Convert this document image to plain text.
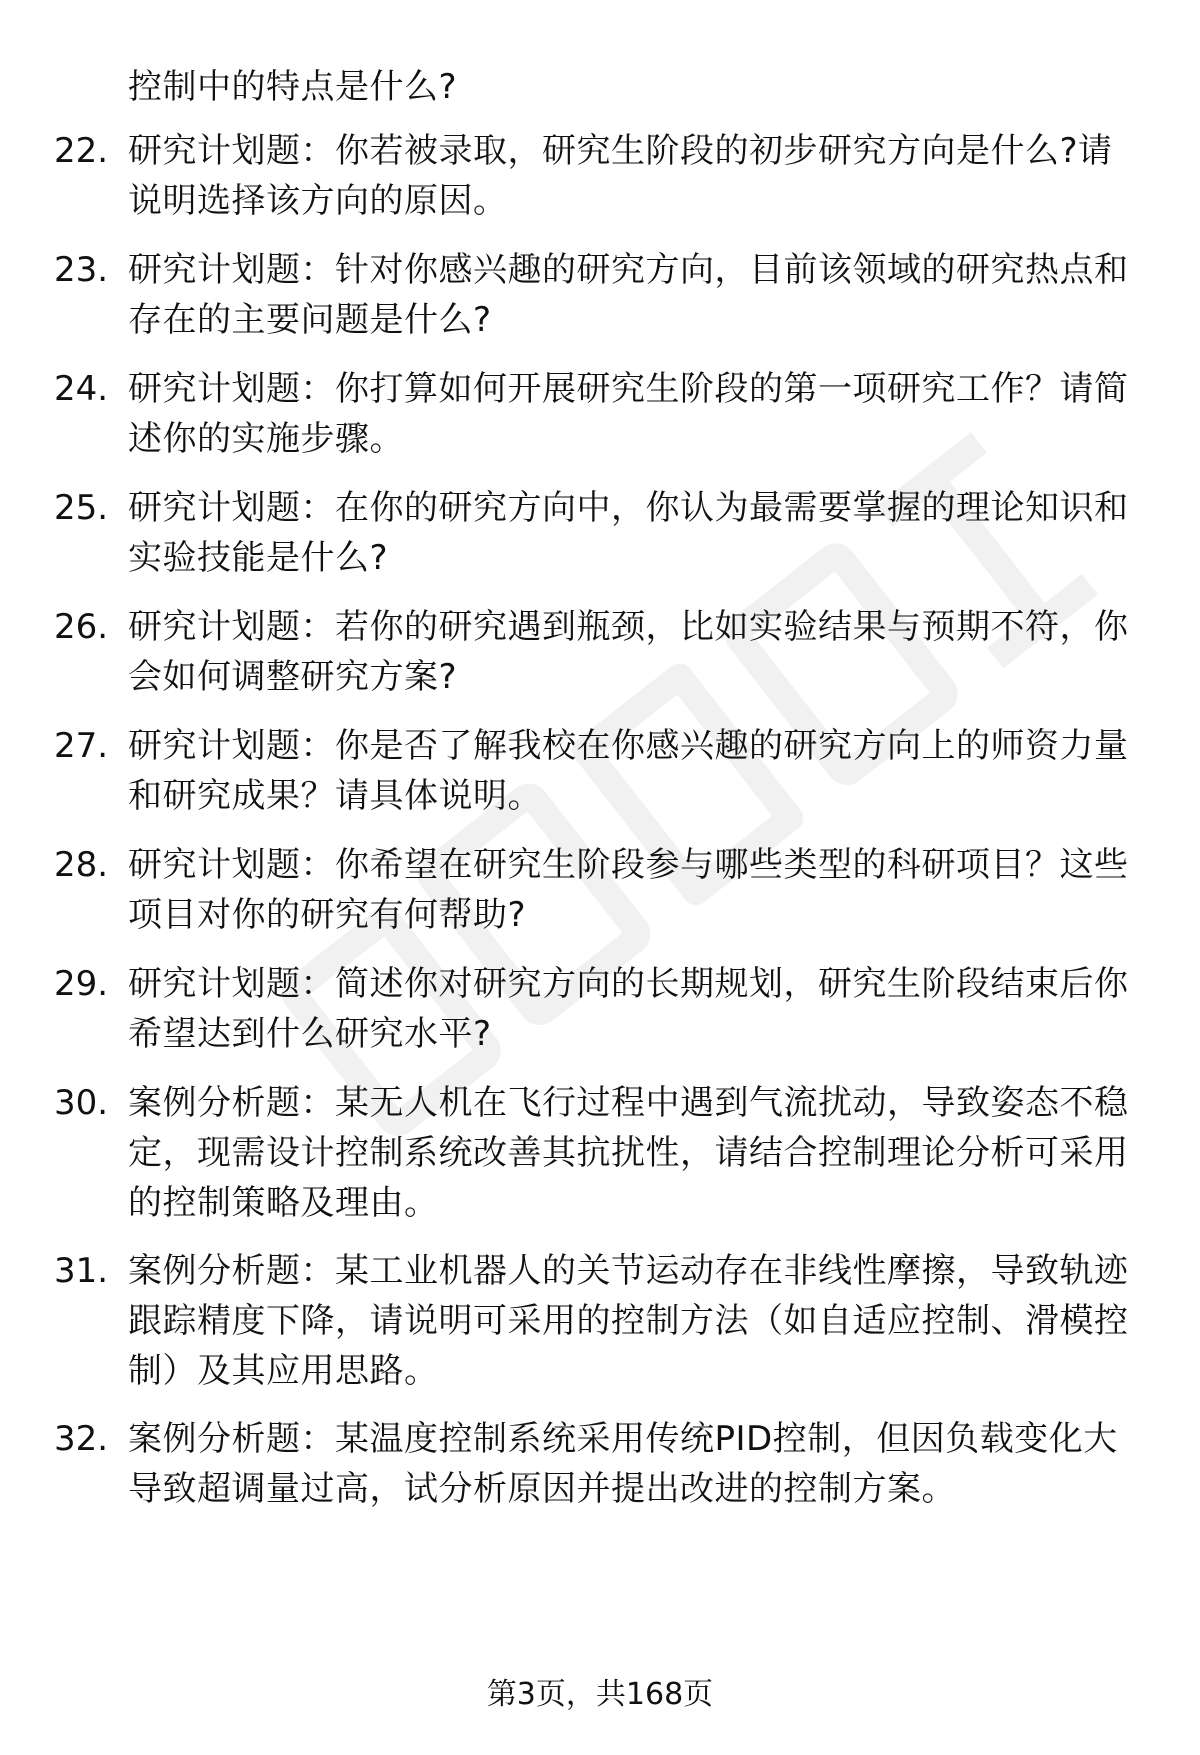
控制中的特点是什么?
22. 研究计划题：你若被录取，研究生阶段的初步研究方向是什么?请说明选择该方向的原因。
23. 研究计划题：针对你感兴趣的研究方向，目前该领域的研究热点和存在的主要问题是什么?
24. 研究计划题：你打算如何开展研究生阶段的第一项研究工作？请简述你的实施步骤。
25. 研究计划题：在你的研究方向中，你认为最需要掌握的理论知识和实验技能是什么?
26. 研究计划题：若你的研究遇到瓶颈，比如实验结果与预期不符，你会如何调整研究方案?
27. 研究计划题：你是否了解我校在你感兴趣的研究方向上的师资力量和研究成果？请具体说明。
28. 研究计划题：你希望在研究生阶段参与哪些类型的科研项目？这些项目对你的研究有何帮助?
29. 研究计划题：简述你对研究方向的长期规划，研究生阶段结束后你希望达到什么研究水平?
30. 案例分析题：某无人机在飞行过程中遇到气流扰动，导致姿态不稳定，现需设计控制系统改善其抗扰性，请结合控制理论分析可采用的控制策略及理由。
31. 案例分析题：某工业机器人的关节运动存在非线性摩擦，导致轨迹跟踪精度下降，请说明可采用的控制方法（如自适应控制、滑模控制）及其应用思路。
32. 案例分析题：某温度控制系统采用传统PID控制，但因负载变化大导致超调量过高，试分析原因并提出改进的控制方案。
第3页，共168页
